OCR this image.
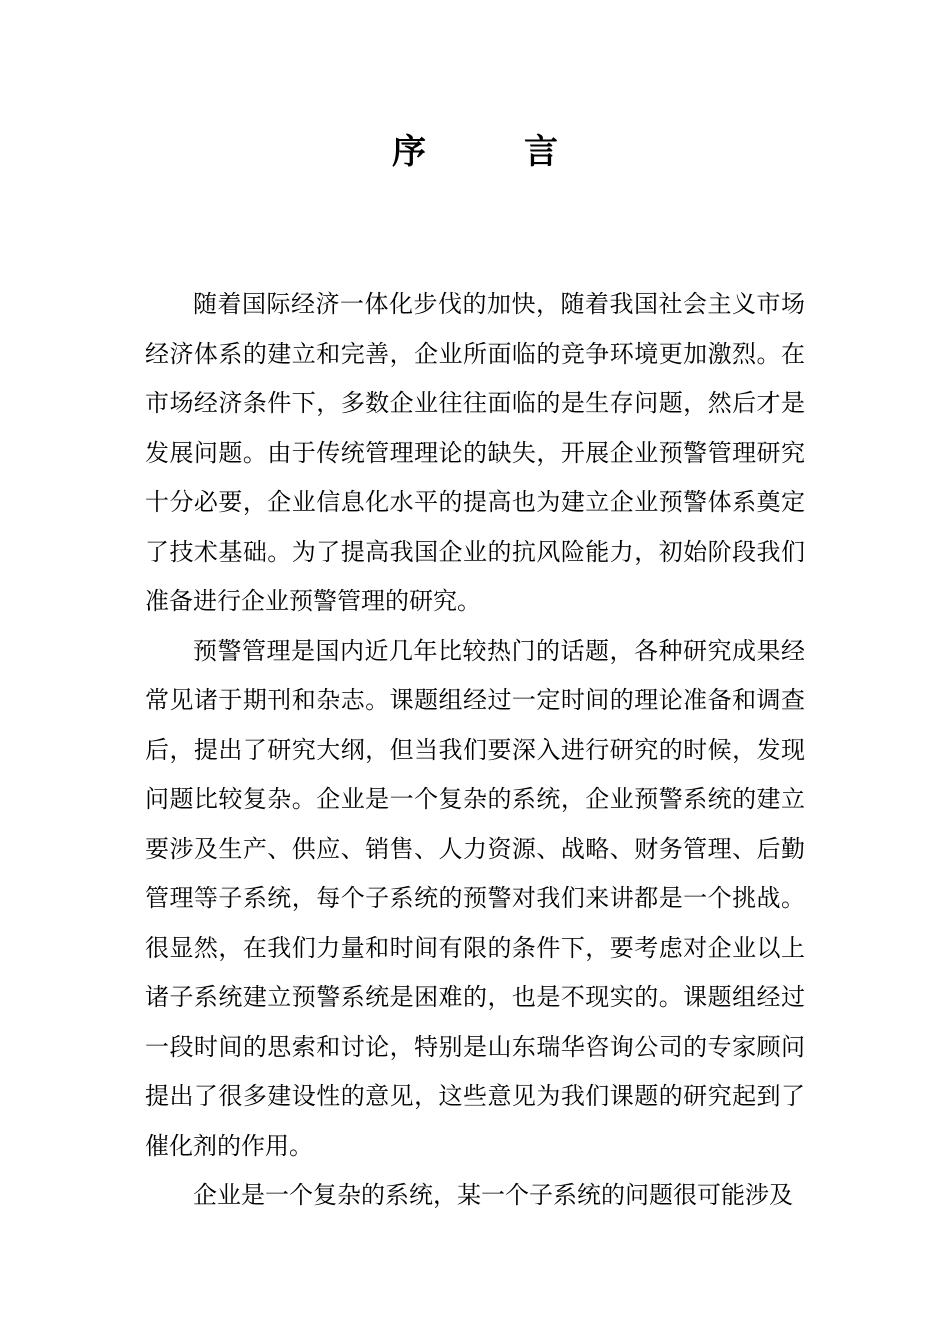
序　言

随着国际经济一体化步伐的加快，随着我国社会主义市场经济体系的建立和完善，企业所面临的竞争环境更加激烈。在市场经济条件下，多数企业往往面临的是生存问题，然后才是发展问题。由于传统管理理论的缺失，开展企业预警管理研究十分必要，企业信息化水平的提高也为建立企业预警体系奠定了技术基础。为了提高我国企业的抗风险能力，初始阶段我们准备进行企业预警管理的研究。

预警管理是国内近几年比较热门的话题，各种研究成果经常见诸于期刊和杂志。课题组经过一定时间的理论准备和调查后，提出了研究大纲，但当我们要深入进行研究的时候，发现问题比较复杂。企业是一个复杂的系统，企业预警系统的建立要涉及生产、供应、销售、人力资源、战略、财务管理、后勤管理等子系统，每个子系统的预警对我们来讲都是一个挑战。很显然，在我们力量和时间有限的条件下，要考虑对企业以上诸子系统建立预警系统是困难的，也是不现实的。课题组经过一段时间的思索和讨论，特别是山东瑞华咨询公司的专家顾问提出了很多建设性的意见，这些意见为我们课题的研究起到了催化剂的作用。

企业是一个复杂的系统，某一个子系统的问题很可能涉及
